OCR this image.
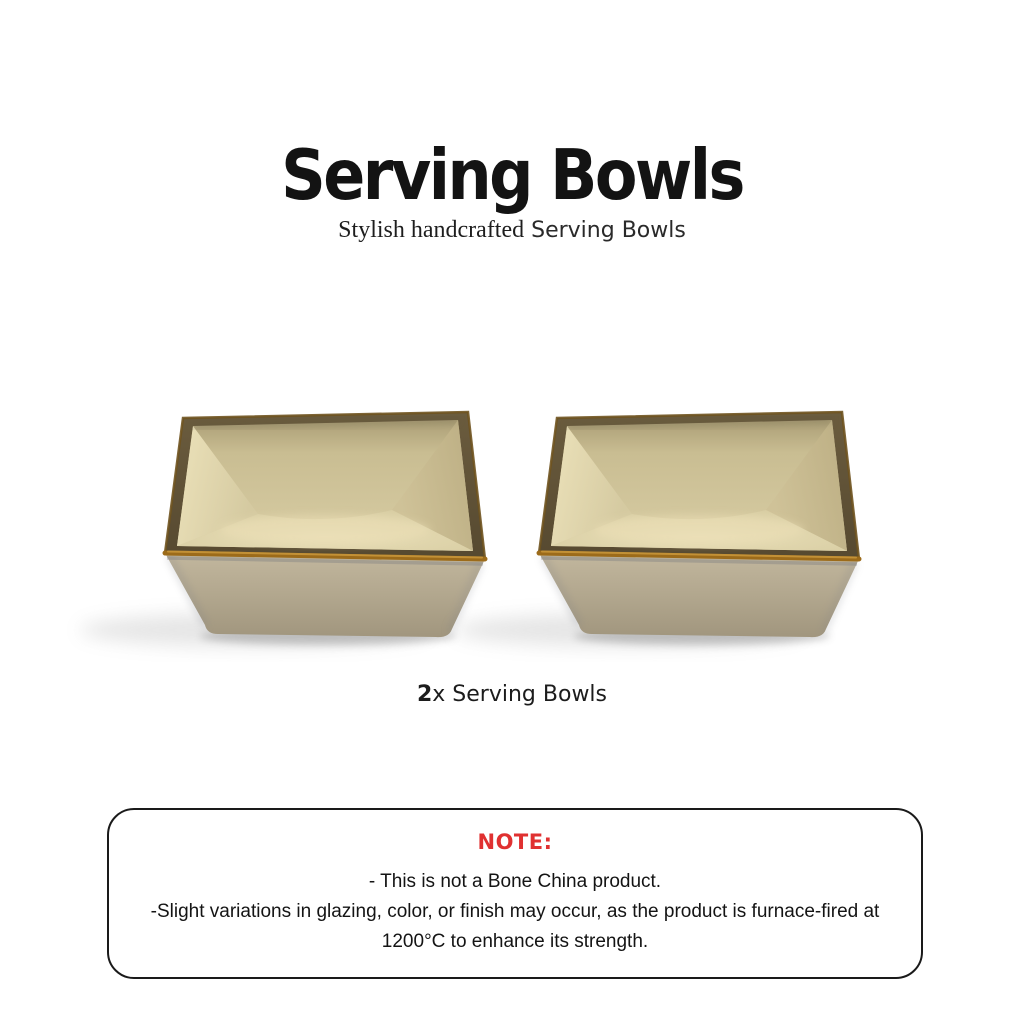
Serving Bowls
Stylish handcrafted Serving Bowls
2x Serving Bowls
NOTE:

- This is not a Bone China product.

-Slight variations in glazing, color, or finish may occur, as the product is furnace-fired at 1200°C to enhance its strength.
